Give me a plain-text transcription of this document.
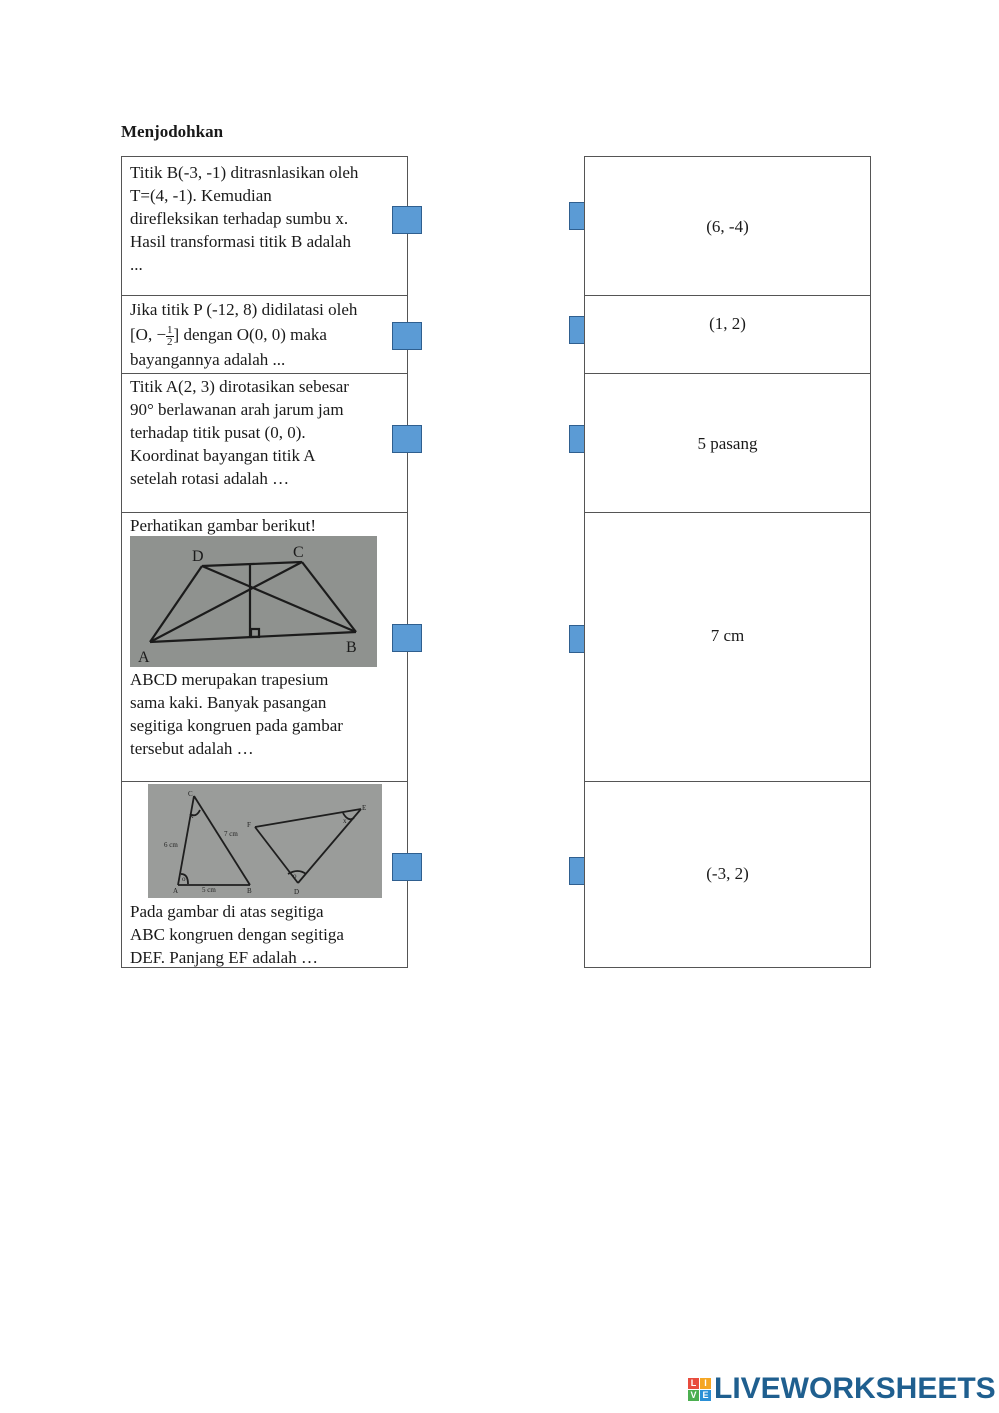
Menjodohkan
Titik B(-3, -1) ditrasnlasikan oleh
T=(4, -1). Kemudian
direfleksikan terhadap sumbu x.
Hasil transformasi titik B adalah
...
Jika titik P (-12, 8) didilatasi oleh
[O, − $\frac{1}{2}$ ] dengan O(0, 0) maka
bayangannya adalah ...
Titik A(2, 3) dirotasikan sebesar
90° berlawanan arah jarum jam
terhadap titik pusat (0, 0).
Koordinat bayangan titik A
setelah rotasi adalah …
Perhatikan gambar berikut!
A
B
C
D
ABCD merupakan trapesium
sama kaki. Banyak pasangan
segitiga kongruen pada gambar
tersebut adalah …
C
A	B
F
E
D
x
x
o	o
6 cm
7 cm
5 cm
Pada gambar di atas segitiga
ABC kongruen dengan segitiga
DEF. Panjang EF adalah …
(6, -4)
(1, 2)
5 pasang
7 cm
(-3, 2)
L I
V E LIVEWORKSHEETS
